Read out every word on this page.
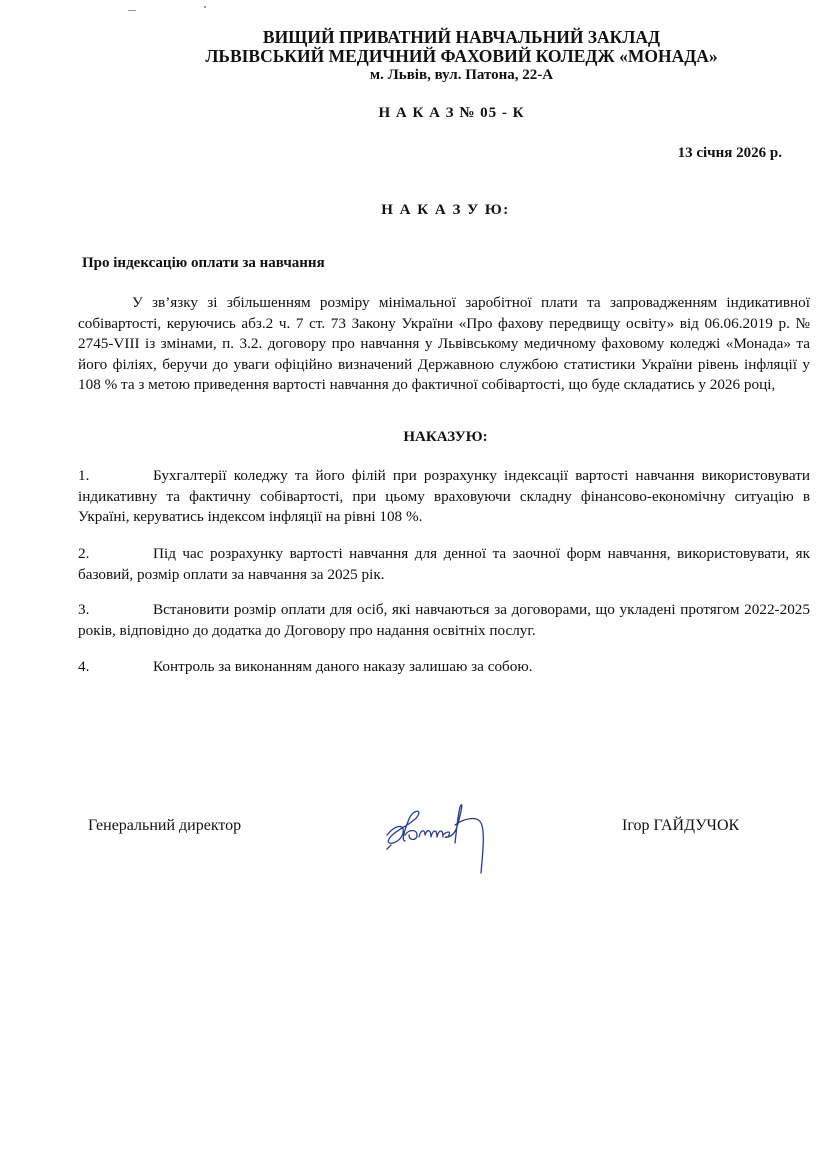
ВИЩИЙ ПРИВАТНИЙ НАВЧАЛЬНИЙ ЗАКЛАД
ЛЬВІВСЬКИЙ МЕДИЧНИЙ ФАХОВИЙ КОЛЕДЖ «МОНАДА»
м. Львів, вул. Патона, 22-А
Н А К А З № 05 - К
13 січня 2026 р.
Н А К А З У Ю:
Про індексацію оплати за навчання
У зв’язку зі збільшенням розміру мінімальної заробітної плати та запровадженням індикативної собівартості, керуючись абз.2 ч. 7 ст. 73 Закону України «Про фахову передвищу освіту» від 06.06.2019 р. № 2745-VIII із змінами, п. 3.2. договору про навчання у Львівському медичному фаховому коледжі «Монада» та його філіях, беручи до уваги офіційно визначений Державною службою статистики України рівень інфляції у 108 % та з метою приведення вартості навчання до фактичної собівартості, що буде складатись у 2026 році,
НАКАЗУЮ:
1.	Бухгалтерії коледжу та його філій при розрахунку індексації вартості навчання використовувати індикативну та фактичну собівартості, при цьому враховуючи складну фінансово-економічну ситуацію в Україні, керуватись індексом інфляції на рівні 108 %.
2.	Під час розрахунку вартості навчання для денної та заочної форм навчання, використовувати, як базовий, розмір оплати за навчання за 2025 рік.
3.	Встановити розмір оплати для осіб, які навчаються за договорами, що укладені протягом 2022-2025 років, відповідно до додатка до Договору про надання освітніх послуг.
4.	Контроль за виконанням даного наказу залишаю за собою.
Генеральний директор	Ігор ГАЙДУЧОК
